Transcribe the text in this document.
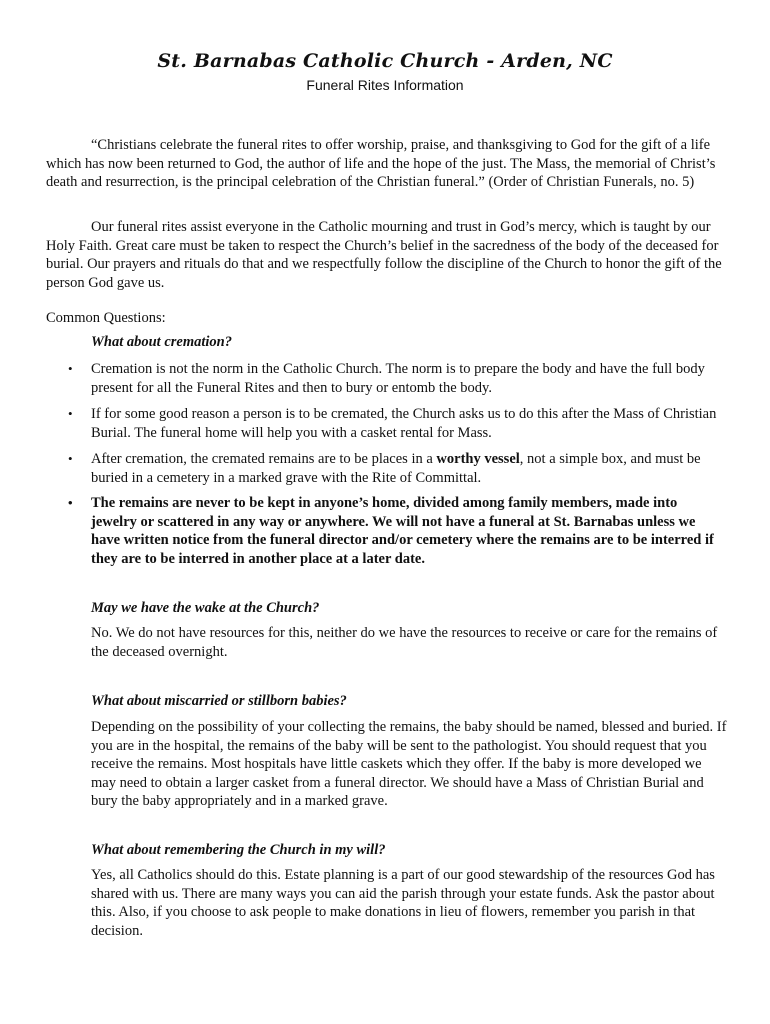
St. Barnabas Catholic Church - Arden, NC
Funeral Rites Information

“Christians celebrate the funeral rites to offer worship, praise, and thanksgiving to God for the gift of a life which has now been returned to God, the author of life and the hope of the just. The Mass, the memorial of Christ’s death and resurrection, is the principal celebration of the Christian funeral.” (Order of Christian Funerals, no. 5)

Our funeral rites assist everyone in the Catholic mourning and trust in God’s mercy, which is taught by our Holy Faith. Great care must be taken to respect the Church’s belief in the sacredness of the body of the deceased for burial. Our prayers and rituals do that and we respectfully follow the discipline of the Church to honor the gift of the person God gave us.

Common Questions:

What about cremation?

• Cremation is not the norm in the Catholic Church. The norm is to prepare the body and have the full body present for all the Funeral Rites and then to bury or entomb the body.
• If for some good reason a person is to be cremated, the Church asks us to do this after the Mass of Christian Burial. The funeral home will help you with a casket rental for Mass.
• After cremation, the cremated remains are to be places in a worthy vessel, not a simple box, and must be buried in a cemetery in a marked grave with the Rite of Committal.
• The remains are never to be kept in anyone’s home, divided among family members, made into jewelry or scattered in any way or anywhere. We will not have a funeral at St. Barnabas unless we have written notice from the funeral director and/or cemetery where the remains are to be interred if they are to be interred in another place at a later date.

May we have the wake at the Church?

No. We do not have resources for this, neither do we have the resources to receive or care for the remains of the deceased overnight.

What about miscarried or stillborn babies?

Depending on the possibility of your collecting the remains, the baby should be named, blessed and buried. If you are in the hospital, the remains of the baby will be sent to the pathologist. You should request that you receive the remains. Most hospitals have little caskets which they offer. If the baby is more developed we may need to obtain a larger casket from a funeral director. We should have a Mass of Christian Burial and bury the baby appropriately and in a marked grave.

What about remembering the Church in my will?

Yes, all Catholics should do this. Estate planning is a part of our good stewardship of the resources God has shared with us. There are many ways you can aid the parish through your estate funds. Ask the pastor about this. Also, if you choose to ask people to make donations in lieu of flowers, remember you parish in that decision.
